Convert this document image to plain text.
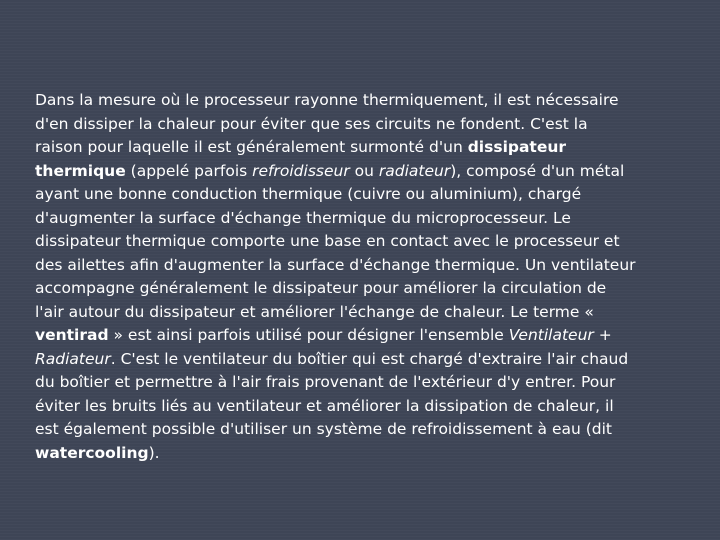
Dans la mesure où le processeur rayonne thermiquement, il est nécessaire
d'en dissiper la chaleur pour éviter que ses circuits ne fondent. C'est la
raison pour laquelle il est généralement surmonté d'un dissipateur
thermique (appelé parfois refroidisseur ou radiateur), composé d'un métal
ayant une bonne conduction thermique (cuivre ou aluminium), chargé
d'augmenter la surface d'échange thermique du microprocesseur. Le
dissipateur thermique comporte une base en contact avec le processeur et
des ailettes afin d'augmenter la surface d'échange thermique. Un ventilateur
accompagne généralement le dissipateur pour améliorer la circulation de
l'air autour du dissipateur et améliorer l'échange de chaleur. Le terme «
ventirad » est ainsi parfois utilisé pour désigner l'ensemble Ventilateur +
Radiateur. C'est le ventilateur du boîtier qui est chargé d'extraire l'air chaud
du boîtier et permettre à l'air frais provenant de l'extérieur d'y entrer. Pour
éviter les bruits liés au ventilateur et améliorer la dissipation de chaleur, il
est également possible d'utiliser un système de refroidissement à eau (dit
watercooling).
